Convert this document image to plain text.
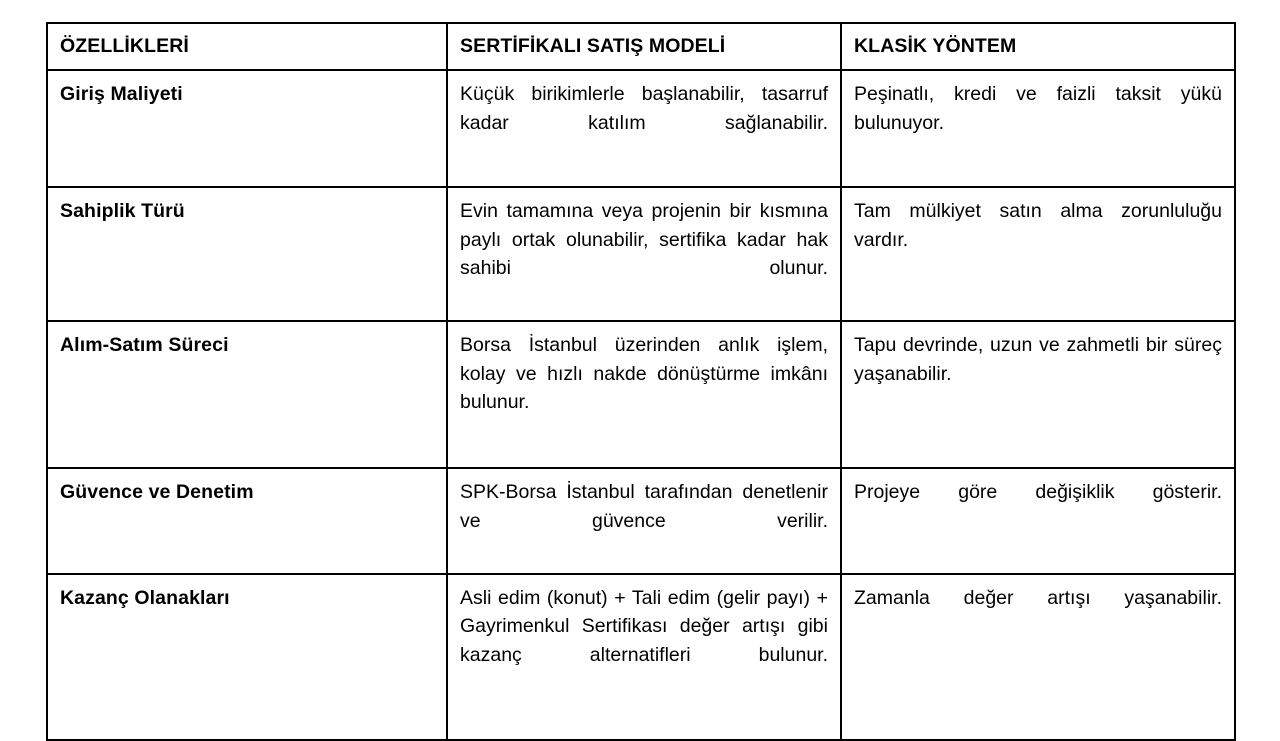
ÖZELLİKLERİ	SERTİFİKALI SATIŞ MODELİ	KLASİK YÖNTEM
Giriş Maliyeti	Küçük birikimlerle başlanabilir, tasarruf kadar katılım sağlanabilir.	Peşinatlı, kredi ve faizli taksit yükü bulunuyor.

Sahiplik Türü	Evin tamamına veya projenin bir kısmına paylı ortak olunabilir, sertifika kadar hak sahibi olunur.	Tam mülkiyet satın alma zorunluluğu vardır.

Alım-Satım Süreci	Borsa İstanbul üzerinden anlık işlem, kolay ve hızlı nakde dönüştürme imkânı bulunur.	Tapu devrinde, uzun ve zahmetli bir süreç yaşanabilir.

Güvence ve Denetim	SPK-Borsa İstanbul tarafından denetlenir ve güvence verilir.	Projeye göre değişiklik gösterir.

Kazanç Olanakları	Asli edim (konut) + Tali edim (gelir payı) + Gayrimenkul Sertifikası değer artışı gibi kazanç alternatifleri bulunur.	Zamanla değer artışı yaşanabilir.
